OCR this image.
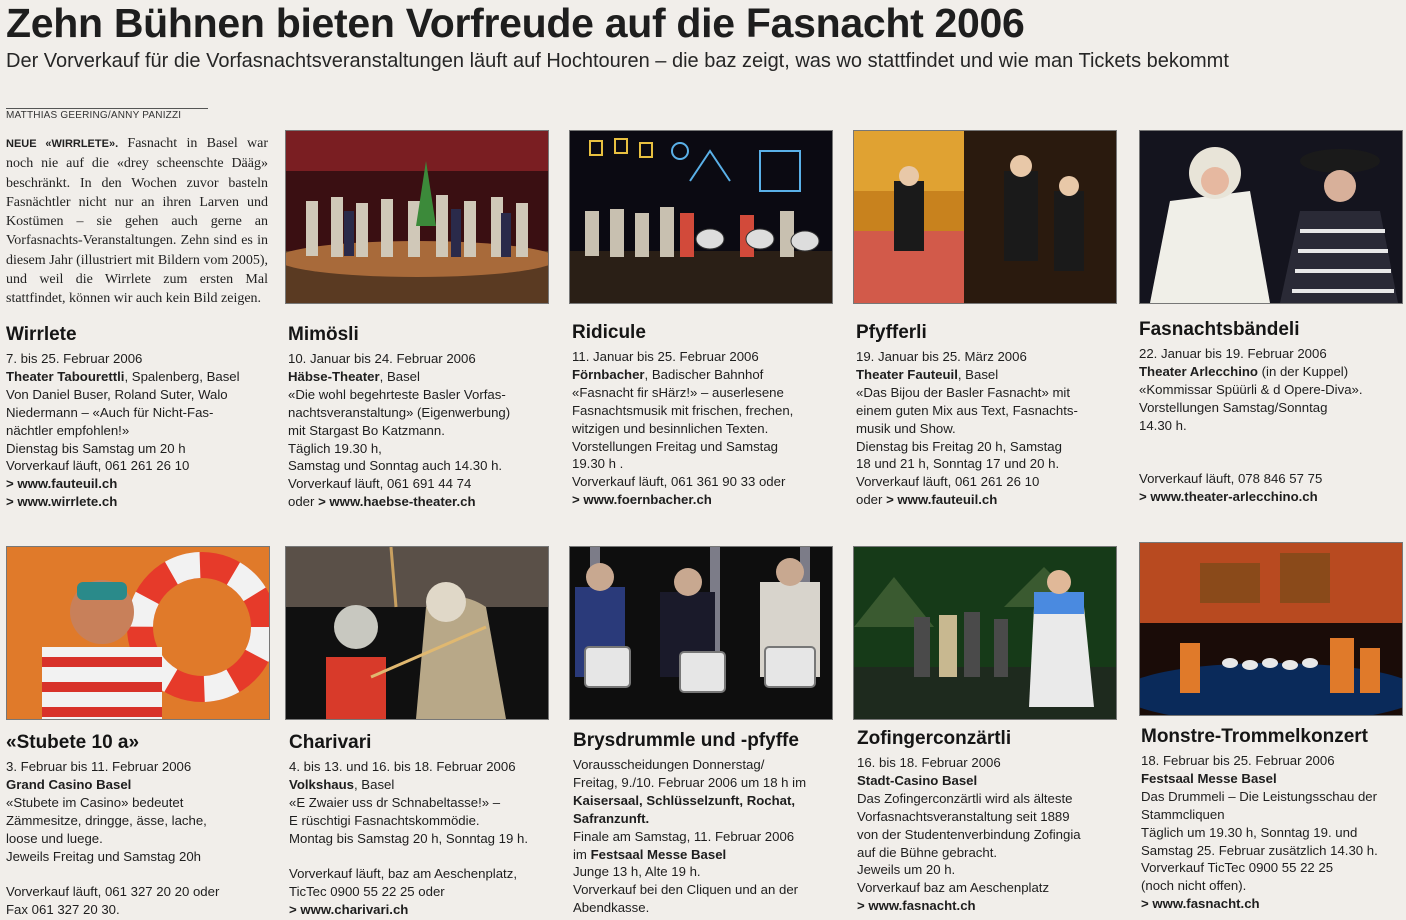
Zehn Bühnen bieten Vorfreude auf die Fasnacht 2006
Der Vorverkauf für die Vorfasnachtsveranstaltungen läuft auf Hochtouren – die baz zeigt, was wo stattfindet und wie man Tickets bekommt
MATTHIAS GEERING/ANNY PANIZZI
NEUE «WIRRLETE». Fasnacht in Basel war noch nie auf die «drey scheenschte Dääg» beschränkt. In den Wochen zuvor basteln Fasnächtler nicht nur an ihren Larven und Kostümen – sie gehen auch gerne an Vorfasnachts-Veranstaltungen. Zehn sind es in diesem Jahr (illustriert mit Bildern vom 2005), und weil die Wirrlete zum ersten Mal stattfindet, können wir auch kein Bild zeigen.
Wirrlete
7. bis 25. Februar 2006
Theater Tabourettli, Spalenberg, Basel
Von Daniel Buser, Roland Suter, Walo
Niedermann – «Auch für Nicht-Fas-
nächtler empfohlen!»
Dienstag bis Samstag um 20 h
Vorverkauf läuft, 061 261 26 10
> www.fauteuil.ch
> www.wirrlete.ch
Mimösli
10. Januar bis 24. Februar 2006
Häbse-Theater, Basel
«Die wohl begehrteste Basler Vorfas-
nachtsveranstaltung» (Eigenwerbung)
mit Stargast Bo Katzmann.
Täglich 19.30 h,
Samstag und Sonntag auch 14.30 h.
Vorverkauf läuft, 061 691 44 74
oder > www.haebse-theater.ch
Ridicule
11. Januar bis 25. Februar 2006
Förnbacher, Badischer Bahnhof
«Fasnacht fir sHärz!» – auserlesene
Fasnachtsmusik mit frischen, frechen,
witzigen und besinnlichen Texten.
Vorstellungen Freitag und Samstag
19.30 h .
Vorverkauf läuft, 061 361 90 33 oder
> www.foernbacher.ch
Pfyfferli
19. Januar bis 25. März 2006
Theater Fauteuil, Basel
«Das Bijou der Basler Fasnacht» mit
einem guten Mix aus Text, Fasnachts-
musik und Show.
Dienstag bis Freitag 20 h, Samstag
18 und 21 h, Sonntag 17 und 20 h.
Vorverkauf läuft, 061 261 26 10
oder > www.fauteuil.ch
Fasnachtsbändeli
22. Januar bis 19. Februar 2006
Theater Arlecchino (in der Kuppel)
«Kommissar Spüürli & d Opere-Diva».
Vorstellungen Samstag/Sonntag
14.30 h.
Vorverkauf läuft, 078 846 57 75
> www.theater-arlecchino.ch
«Stubete 10 a»
3. Februar bis 11. Februar 2006
Grand Casino Basel
«Stubete im Casino» bedeutet
Zämmesitze, dringge, ässe, lache,
loose und luege.
Jeweils Freitag und Samstag 20h
Vorverkauf läuft, 061 327 20 20 oder
Fax 061 327 20 30.
Charivari
4. bis 13. und 16. bis 18. Februar 2006
Volkshaus, Basel
«E Zwaier uss dr Schnabeltasse!» –
E rüschtigi Fasnachtskommödie.
Montag bis Samstag 20 h, Sonntag 19 h.
Vorverkauf läuft, baz am Aeschenplatz,
TicTec 0900 55 22 25 oder
> www.charivari.ch
Brysdrummle und -pfyffe
Vorausscheidungen Donnerstag/
Freitag, 9./10. Februar 2006 um 18 h im
Kaisersaal, Schlüsselzunft, Rochat,
Safranzunft.
Finale am Samstag, 11. Februar 2006
im Festsaal Messe Basel
Junge 13 h, Alte 19 h.
Vorverkauf bei den Cliquen und an der
Abendkasse.
Zofingerconzärtli
16. bis 18. Februar 2006
Stadt-Casino Basel
Das Zofingerconzärtli wird als älteste
Vorfasnachtsveranstaltung seit 1889
von der Studentenverbindung Zofingia
auf die Bühne gebracht.
Jeweils um 20 h.
Vorverkauf baz am Aeschenplatz
> www.fasnacht.ch
Monstre-Trommelkonzert
18. Februar bis 25. Februar 2006
Festsaal Messe Basel
Das Drummeli – Die Leistungsschau der
Stammcliquen
Täglich um 19.30 h, Sonntag 19. und
Samstag 25. Februar zusätzlich 14.30 h.
Vorverkauf TicTec 0900 55 22 25
(noch nicht offen).
> www.fasnacht.ch
